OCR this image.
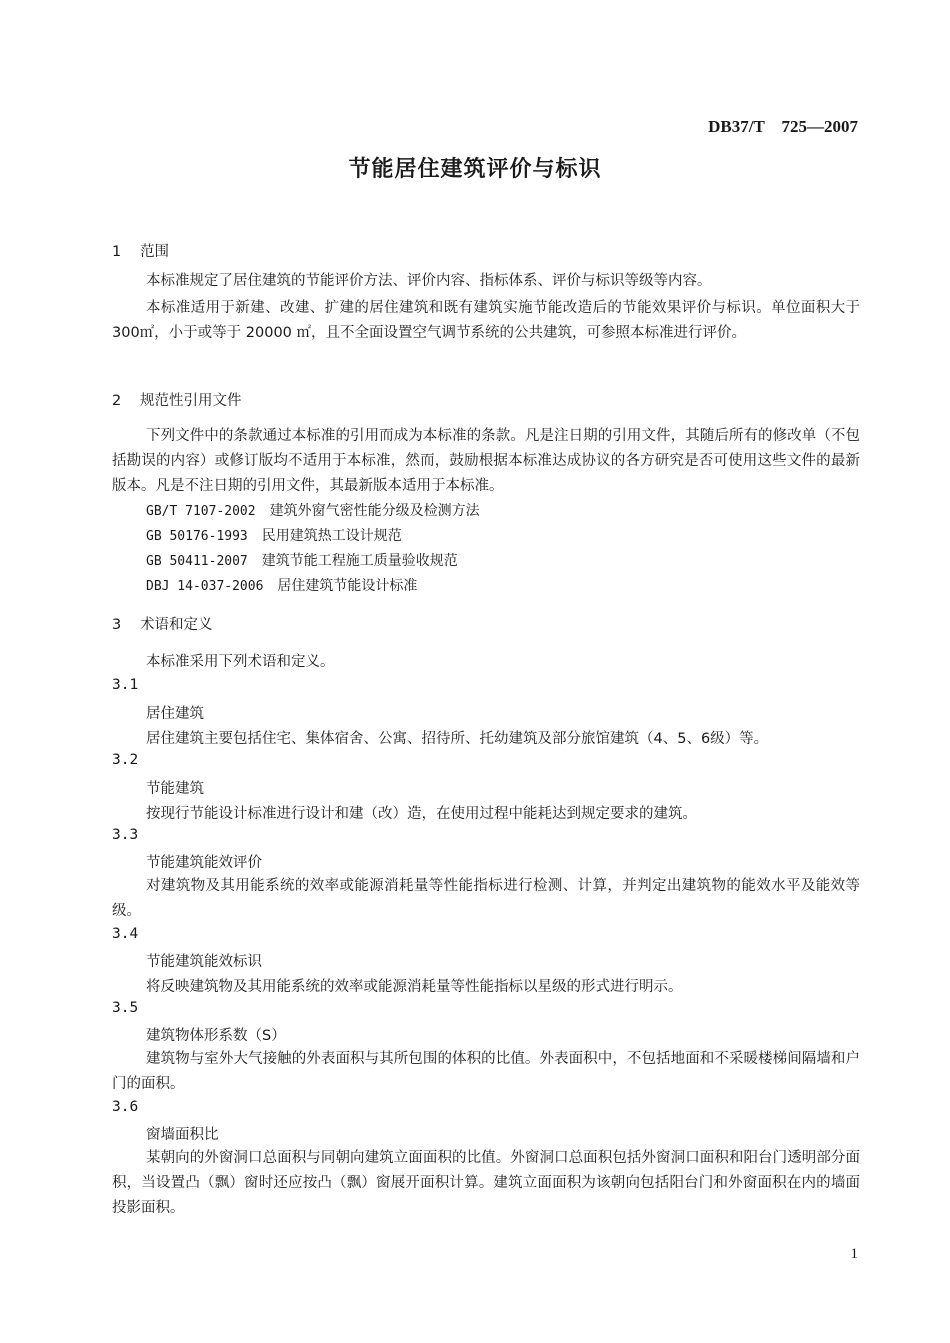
DB37/T　725—2007
节能居住建筑评价与标识
1 范围
本标准规定了居住建筑的节能评价方法、评价内容、指标体系、评价与标识等级等内容。
本标准适用于新建、改建、扩建的居住建筑和既有建筑实施节能改造后的节能效果评价与标识。单位面积大于 300㎡，小于或等于 20000 ㎡，且不全面设置空气调节系统的公共建筑，可参照本标准进行评价。
2 规范性引用文件
下列文件中的条款通过本标准的引用而成为本标准的条款。凡是注日期的引用文件，其随后所有的修改单（不包括勘误的内容）或修订版均不适用于本标准，然而，鼓励根据本标准达成协议的各方研究是否可使用这些文件的最新版本。凡是不注日期的引用文件，其最新版本适用于本标准。
GB/T 7107-2002 建筑外窗气密性能分级及检测方法
GB 50176-1993 民用建筑热工设计规范
GB 50411-2007 建筑节能工程施工质量验收规范
DBJ 14-037-2006 居住建筑节能设计标准
3 术语和定义
本标准采用下列术语和定义。
3.1
居住建筑
居住建筑主要包括住宅、集体宿舍、公寓、招待所、托幼建筑及部分旅馆建筑（4、5、6级）等。
3.2
节能建筑
按现行节能设计标准进行设计和建（改）造，在使用过程中能耗达到规定要求的建筑。
3.3
节能建筑能效评价
对建筑物及其用能系统的效率或能源消耗量等性能指标进行检测、计算，并判定出建筑物的能效水平及能效等级。
3.4
节能建筑能效标识
将反映建筑物及其用能系统的效率或能源消耗量等性能指标以星级的形式进行明示。
3.5
建筑物体形系数（S）
建筑物与室外大气接触的外表面积与其所包围的体积的比值。外表面积中，不包括地面和不采暖楼梯间隔墙和户门的面积。
3.6
窗墙面积比
某朝向的外窗洞口总面积与同朝向建筑立面面积的比值。外窗洞口总面积包括外窗洞口面积和阳台门透明部分面积，当设置凸（飘）窗时还应按凸（飘）窗展开面积计算。建筑立面面积为该朝向包括阳台门和外窗面积在内的墙面投影面积。
1
